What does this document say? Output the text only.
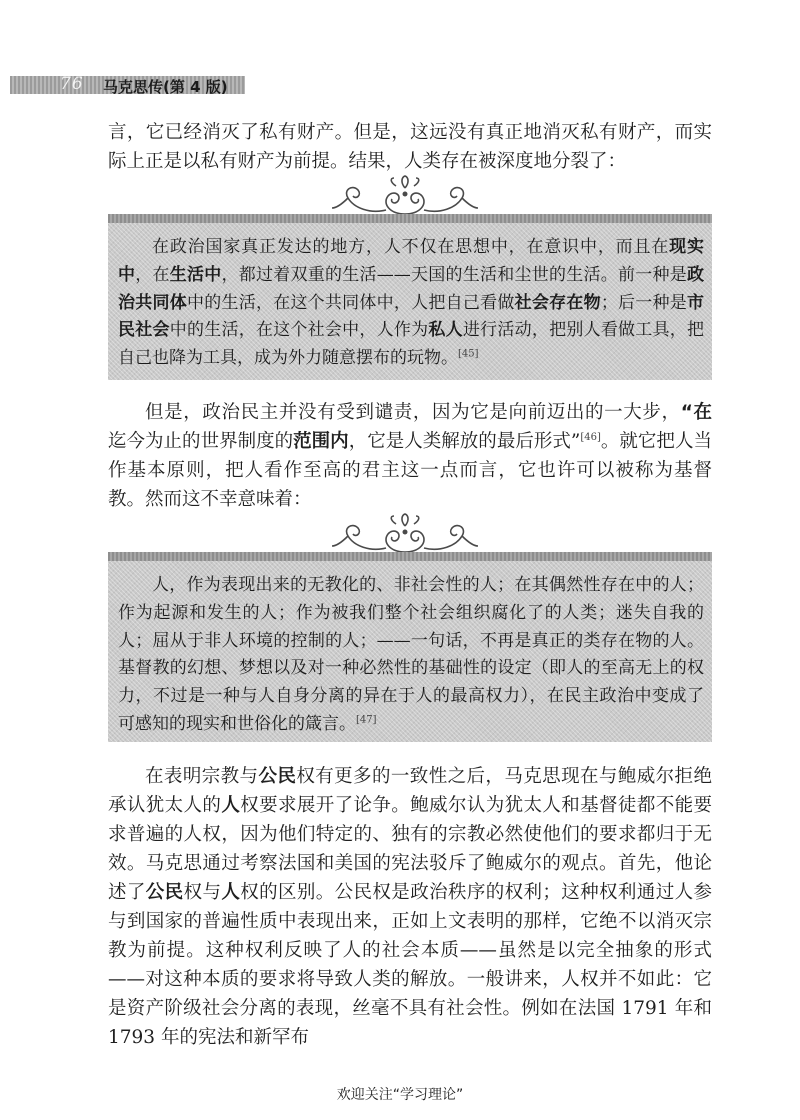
76 马克思传(第 4 版)

言，它已经消灭了私有财产。但是，这远没有真正地消灭私有财产，而实际上正是以私有财产为前提。结果，人类存在被深度地分裂了：

在政治国家真正发达的地方，人不仅在思想中，在意识中，而且在现实中，在生活中，都过着双重的生活——天国的生活和尘世的生活。前一种是政治共同体中的生活，在这个共同体中，人把自己看做社会存在物；后一种是市民社会中的生活，在这个社会中，人作为私人进行活动，把别人看做工具，把自己也降为工具，成为外力随意摆布的玩物。[45]

但是，政治民主并没有受到谴责，因为它是向前迈出的一大步，“在迄今为止的世界制度的范围内，它是人类解放的最后形式”[46]。就它把人当作基本原则，把人看作至高的君主这一点而言，它也许可以被称为基督教。然而这不幸意味着：

人，作为表现出来的无教化的、非社会性的人；在其偶然性存在中的人；作为起源和发生的人；作为被我们整个社会组织腐化了的人类；迷失自我的人；屈从于非人环境的控制的人；——一句话，不再是真正的类存在物的人。基督教的幻想、梦想以及对一种必然性的基础性的设定（即人的至高无上的权力，不过是一种与人自身分离的异在于人的最高权力），在民主政治中变成了可感知的现实和世俗化的箴言。[47]

在表明宗教与公民权有更多的一致性之后，马克思现在与鲍威尔拒绝承认犹太人的人权要求展开了论争。鲍威尔认为犹太人和基督徒都不能要求普遍的人权，因为他们特定的、独有的宗教必然使他们的要求都归于无效。马克思通过考察法国和美国的宪法驳斥了鲍威尔的观点。首先，他论述了公民权与人权的区别。公民权是政治秩序的权利；这种权利通过人参与到国家的普遍性质中表现出来，正如上文表明的那样，它绝不以消灭宗教为前提。这种权利反映了人的社会本质——虽然是以完全抽象的形式——对这种本质的要求将导致人类的解放。一般讲来，人权并不如此：它是资产阶级社会分离的表现，丝毫不具有社会性。例如在法国 1791 年和 1793 年的宪法和新罕布

欢迎关注“学习理论”
